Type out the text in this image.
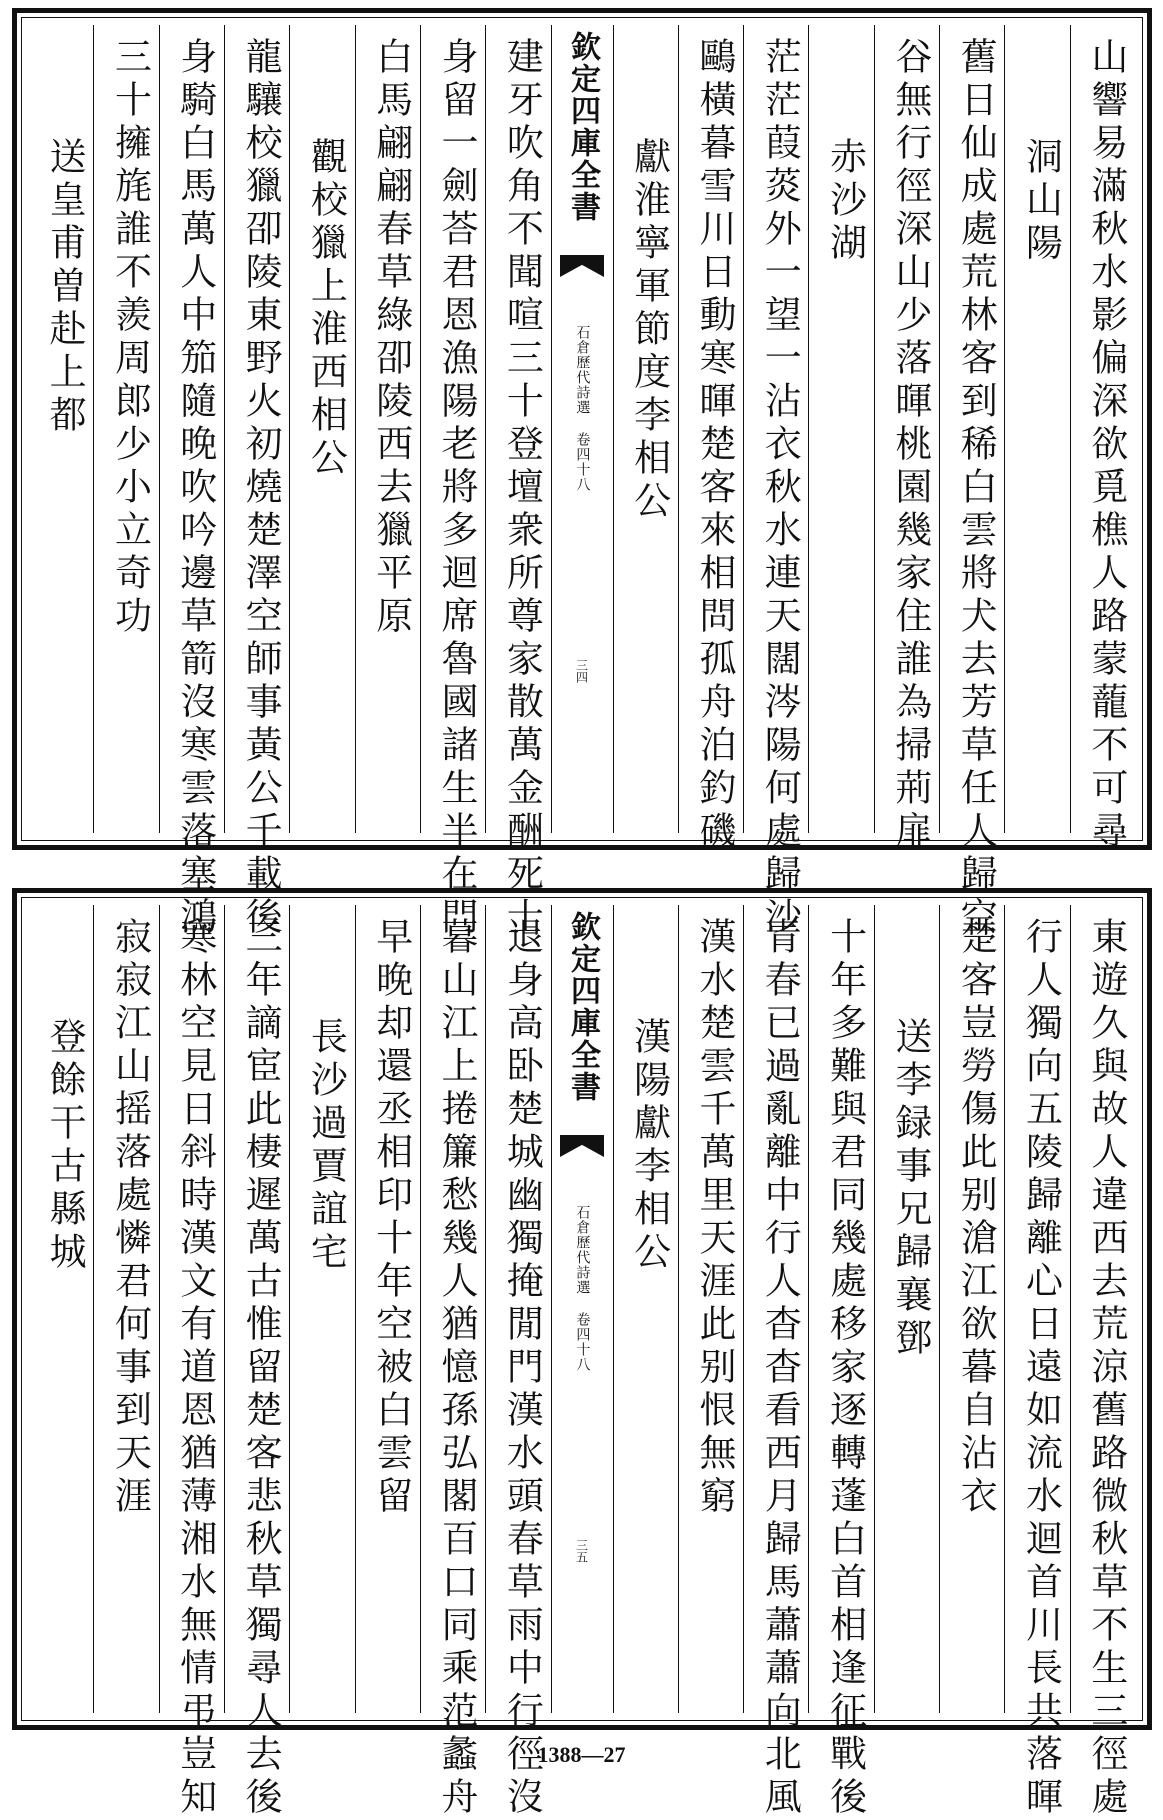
山響易滿秋水影偏深欲覓樵人路蒙蘢不可尋
洞山陽
舊日仙成處荒林客到稀白雲將犬去芳草任人歸空
谷無行徑深山少落暉桃園幾家住誰為掃荊扉
赤沙湖
茫茫葭菼外一望一沾衣秋水連天闊涔陽何處歸沙
鷗橫暮雪川日動寒暉楚客來相問孤舟泊釣磯
獻淮寧軍節度李相公
欽定四庫全書
石倉歷代詩選 卷四十八
三四
建牙吹角不聞喧三十登壇衆所尊家散萬金酬死士
身留一劍荅君恩漁陽老將多迴席魯國諸生半在門
白馬翩翩春草綠卲陵西去獵平原
觀校獵上淮西相公
龍驤校獵卲陵東野火初燒楚澤空師事黃公千載後
身騎白馬萬人中笳隨晚吹吟邊草箭沒寒雲落塞鴻
三十擁旄誰不羨周郎少小立奇功
送皇甫曽赴上都
東遊久與故人違西去荒涼舊路微秋草不生三徑處
行人獨向五陵歸離心日遠如流水迴首川長共落暉
楚客豈勞傷此别滄江欲暮自沾衣
送李録事兄歸襄鄧
十年多難與君同幾處移家逐轉蓬白首相逢征戰後
青春已過亂離中行人杳杳看西月歸馬蕭蕭向北風
漢水楚雲千萬里天涯此别恨無窮
漢陽獻李相公
欽定四庫全書
石倉歷代詩選 卷四十八
三五
退身高卧楚城幽獨掩閒門漢水頭春草雨中行徑沒
暮山江上捲簾愁幾人猶憶孫弘閣百口同乘范蠡舟
早晚却還丞相印十年空被白雲留
長沙過賈誼宅
三年謫宦此棲遲萬古惟留楚客悲秋草獨尋人去後
寒林空見日斜時漢文有道恩猶薄湘水無情弔豈知
寂寂江山摇落處憐君何事到天涯
登餘干古縣城
1388—27
